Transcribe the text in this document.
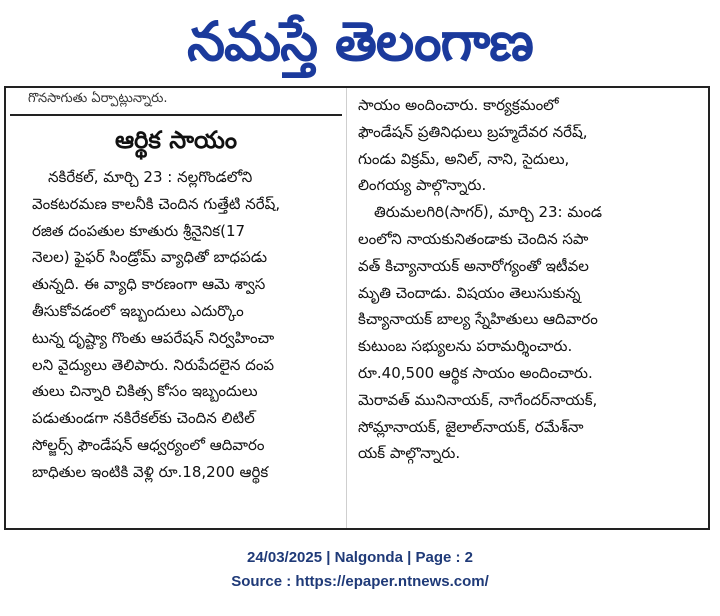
నమస్తే తెలంగాణ
గొనసాగుతు ఏర్పాట్లున్నారు.
ఆర్థిక సాయం
నకిరేకల్, మార్చి 23 : నల్లగొండలోని
వెంకటరమణ కాలనీకి చెందిన గుత్తేటి నరేష్,
రజిత దంపతుల కూతురు శ్రీనైనిక(17
నెలల) ఫైఫర్ సిండ్రోమ్ వ్యాధితో బాధపడు
తున్నది. ఈ వ్యాధి కారణంగా ఆమె శ్వాస
తీసుకోవడంలో ఇబ్బందులు ఎదుర్కొం
టున్న దృష్ట్యా గొంతు ఆపరేషన్ నిర్వహించా
లని వైద్యులు తెలిపారు. నిరుపేదలైన దంప
తులు చిన్నారి చికిత్స కోసం ఇబ్బందులు
పడుతుండగా నకిరేకల్‌కు చెందిన లిటిల్
సోల్జర్స్ ఫౌండేషన్ ఆధ్వర్యంలో ఆదివారం
బాధితుల ఇంటికి వెళ్లి రూ.18,200 ఆర్థిక
సాయం అందించారు. కార్యక్రమంలో
ఫౌండేషన్ ప్రతినిధులు బ్రహ్మదేవర నరేష్,
గుండు విక్రమ్, అనిల్, నాని, సైదులు,
లింగయ్య పాల్గొన్నారు.
తిరుమలగిరి(సాగర్), మార్చి 23: మండ
లంలోని నాయకునితండాకు చెందిన సపా
వత్ కిచ్యానాయక్ అనారోగ్యంతో ఇటీవల
మృతి చెందాడు. విషయం తెలుసుకున్న
కిచ్యానాయక్ బాల్య స్నేహితులు ఆదివారం
కుటుంబ సభ్యులను పరామర్శించారు.
రూ.40,500 ఆర్థిక సాయం అందించారు.
మెరావత్ మునినాయక్, నాగేందర్‌నాయక్,
సోమ్లానాయక్, జైలాల్‌నాయక్, రమేశ్‌నా
యక్ పాల్గొన్నారు.
24/03/2025 | Nalgonda | Page : 2
Source : https://epaper.ntnews.com/
